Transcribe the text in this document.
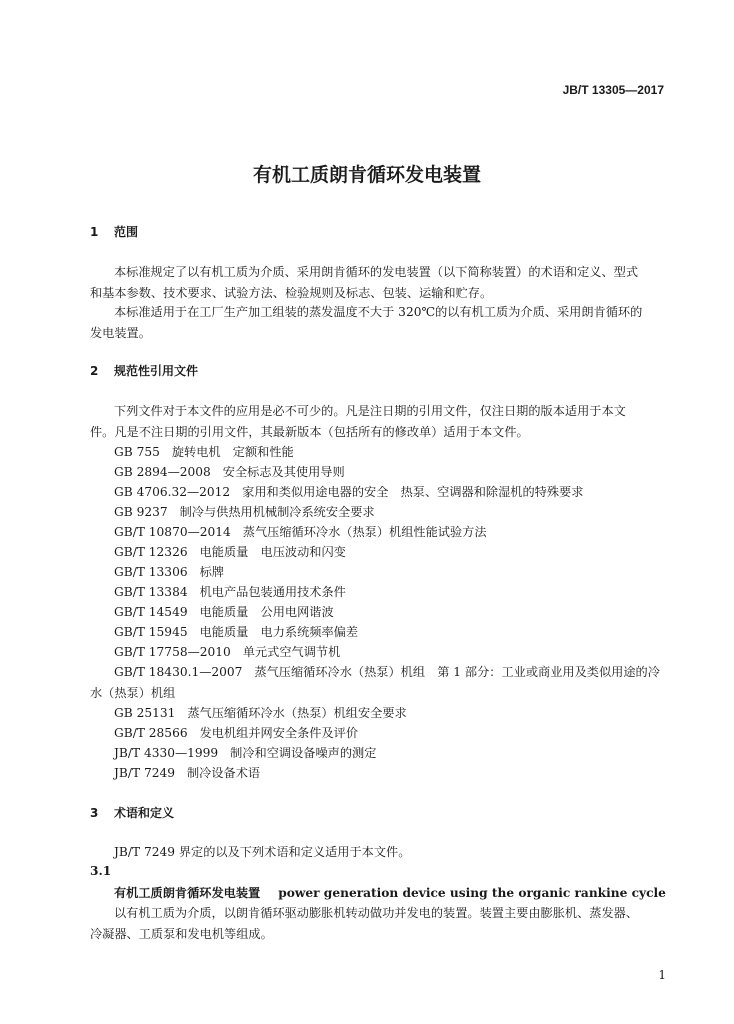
JB/T 13305—2017
有机工质朗肯循环发电装置
1 范围
本标准规定了以有机工质为介质、采用朗肯循环的发电装置（以下简称装置）的术语和定义、型式
和基本参数、技术要求、试验方法、检验规则及标志、包装、运输和贮存。
本标准适用于在工厂生产加工组装的蒸发温度不大于 320℃的以有机工质为介质、采用朗肯循环的
发电装置。
2 规范性引用文件
下列文件对于本文件的应用是必不可少的。凡是注日期的引用文件，仅注日期的版本适用于本文
件。凡是不注日期的引用文件，其最新版本（包括所有的修改单）适用于本文件。
GB 755 旋转电机　定额和性能
GB 2894—2008 安全标志及其使用导则
GB 4706.32—2012 家用和类似用途电器的安全　热泵、空调器和除湿机的特殊要求
GB 9237 制冷与供热用机械制冷系统安全要求
GB/T 10870—2014 蒸气压缩循环冷水（热泵）机组性能试验方法
GB/T 12326 电能质量　电压波动和闪变
GB/T 13306 标牌
GB/T 13384 机电产品包装通用技术条件
GB/T 14549 电能质量　公用电网谐波
GB/T 15945 电能质量　电力系统频率偏差
GB/T 17758—2010 单元式空气调节机
GB/T 18430.1—2007 蒸气压缩循环冷水（热泵）机组　第 1 部分：工业或商业用及类似用途的冷
水（热泵）机组
GB 25131 蒸气压缩循环冷水（热泵）机组安全要求
GB/T 28566 发电机组并网安全条件及评价
JB/T 4330—1999 制冷和空调设备噪声的测定
JB/T 7249 制冷设备术语
3 术语和定义
JB/T 7249 界定的以及下列术语和定义适用于本文件。
3.1
有机工质朗肯循环发电装置 power generation device using the organic rankine cycle
以有机工质为介质，以朗肯循环驱动膨胀机转动做功并发电的装置。装置主要由膨胀机、蒸发器、
冷凝器、工质泵和发电机等组成。
1
